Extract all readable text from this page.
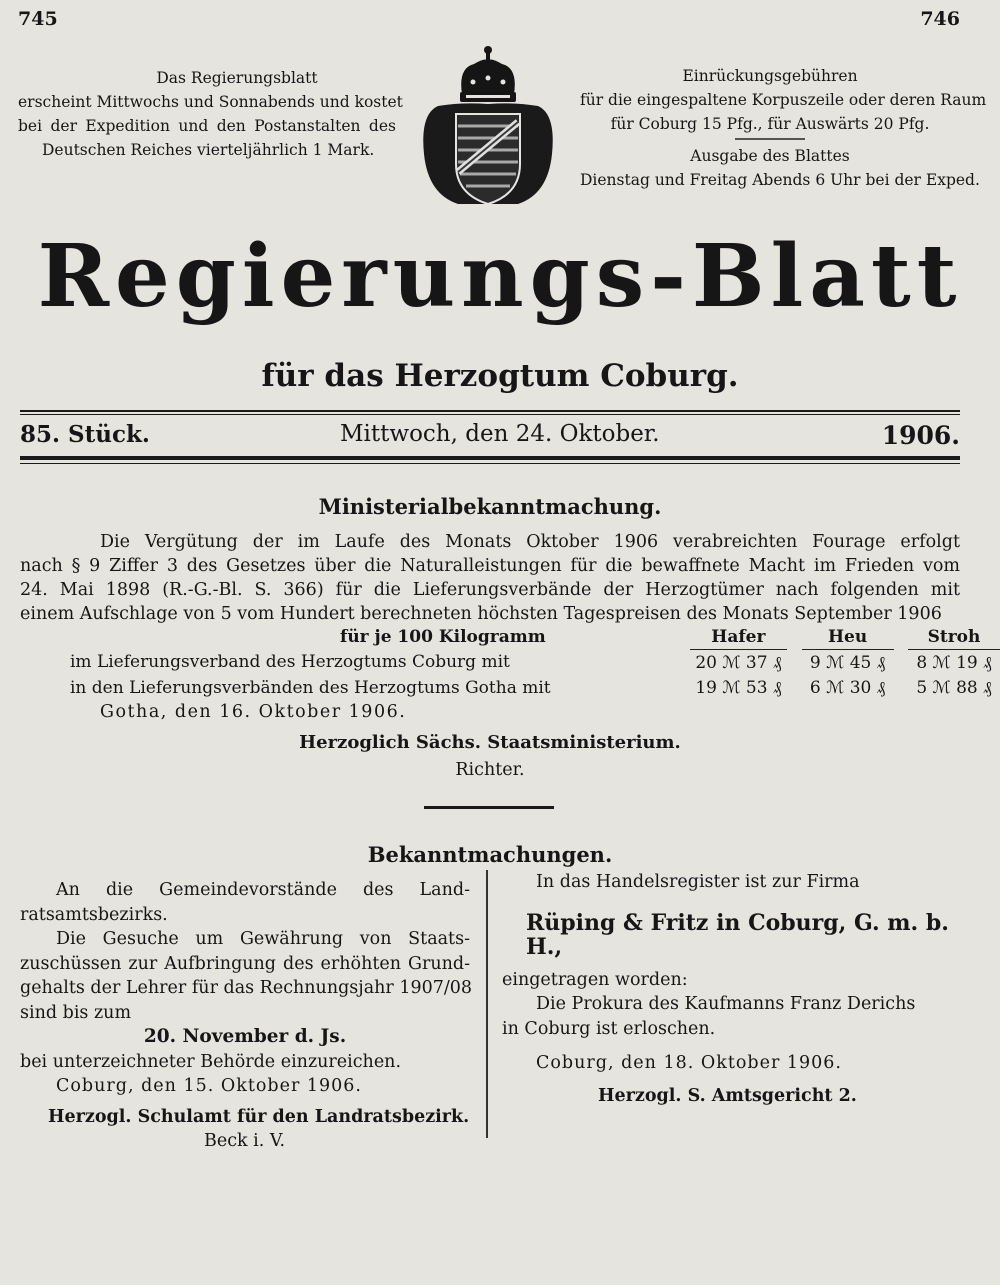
745	746
Das Regierungsblatt
erscheint Mittwochs und Sonnabends und kostet
bei der Expedition und den Postanstalten des
Deutschen Reiches vierteljährlich 1 Mark.
Einrückungsgebühren
für die eingespaltene Korpuszeile oder deren Raum
für Coburg 15 Pfg., für Auswärts 20 Pfg.
Ausgabe des Blattes
Dienstag und Freitag Abends 6 Uhr bei der Exped.
Regierungs-Blatt
für das Herzogtum Coburg.
85. Stück.	Mittwoch, den 24. Oktober.	1906.
Ministerialbekanntmachung.
Die Vergütung der im Laufe des Monats Oktober 1906 verabreichten Fourage erfolgt
nach § 9 Ziffer 3 des Gesetzes über die Naturalleistungen für die bewaffnete Macht im Frieden vom
24. Mai 1898 (R.-G.-Bl. S. 366) für die Lieferungsverbände der Herzogtümer nach folgenden mit
einem Aufschlage von 5 vom Hundert berechneten höchsten Tagespreisen des Monats September 1906
für je 100 Kilogramm	Hafer		Heu		Stroh
im Lieferungsverband des Herzogtums Coburg mit	20 ℳ 37 ₰		9 ℳ 45 ₰		8 ℳ 19 ₰
in den Lieferungsverbänden des Herzogtums Gotha mit	19 ℳ 53 ₰		6 ℳ 30 ₰		5 ℳ 88 ₰
Gotha, den 16. Oktober 1906.
Herzoglich Sächs. Staatsministerium.
Richter.
Bekanntmachungen.
An die Gemeindevorstände des Land-
ratsamtsbezirks.
Die Gesuche um Gewährung von Staats-
zuschüssen zur Aufbringung des erhöhten Grund-
gehalts der Lehrer für das Rechnungsjahr 1907/08
sind bis zum
20. November d. Js.
bei unterzeichneter Behörde einzureichen.
Coburg, den 15. Oktober 1906.
Herzogl. Schulamt für den Landratsbezirk.
Beck i. V.
In das Handelsregister ist zur Firma
Rüping & Fritz in Coburg, G. m. b. H.,
eingetragen worden:
Die Prokura des Kaufmanns Franz Derichs
in Coburg ist erloschen.
Coburg, den 18. Oktober 1906.
Herzogl. S. Amtsgericht 2.
